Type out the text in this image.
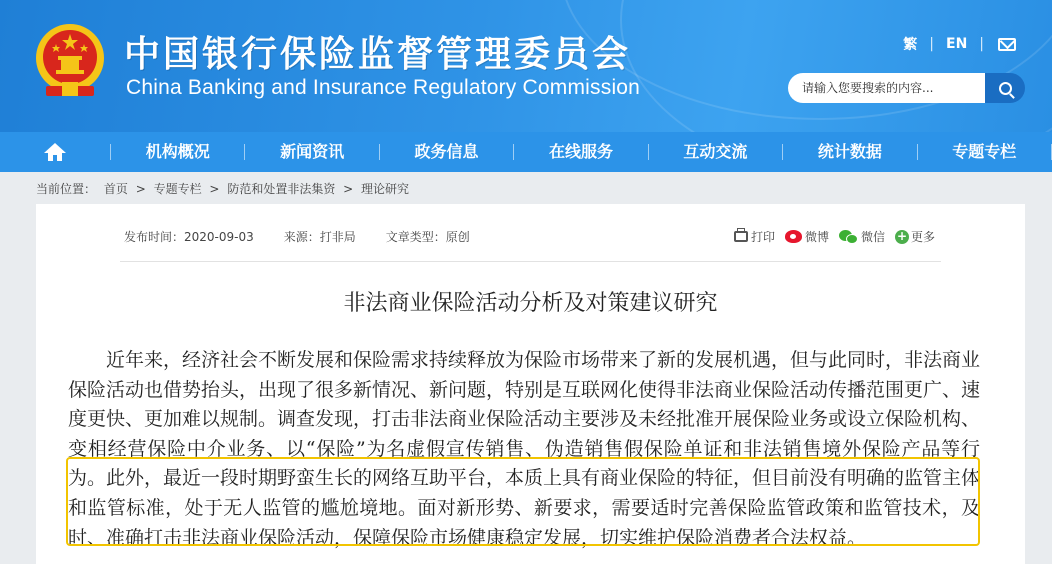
中国银行保险监督管理委员会
China Banking and Insurance Regulatory Commission
繁 | EN |
请输入您要搜索的内容...
机构概况	新闻资讯	政务信息	在线服务	互动交流	统计数据	专题专栏
当前位置： 首页 > 专题专栏 > 防范和处置非法集资 > 理论研究
发布时间：2020-09-03	来源：打非局	文章类型：原创	打印	微博	微信 + 更多
非法商业保险活动分析及对策建议研究
近年来，经济社会不断发展和保险需求持续释放为保险市场带来了新的发展机遇，但与此同时，非法商业保险活动也借势抬头，出现了很多新情况、新问题，特别是互联网化使得非法商业保险活动传播范围更广、速度更快、更加难以规制。调查发现，打击非法商业保险活动主要涉及未经批准开展保险业务或设立保险机构、变相经营保险中介业务、以“保险”为名虚假宣传销售、伪造销售假保险单证和非法销售境外保险产品等行为。此外，最近一段时期野蛮生长的网络互助平台，本质上具有商业保险的特征，但目前没有明确的监管主体和监管标准，处于无人监管的尴尬境地。面对新形势、新要求，需要适时完善保险监管政策和监管技术，及时、准确打击非法商业保险活动，保障保险市场健康稳定发展，切实维护保险消费者合法权益。
